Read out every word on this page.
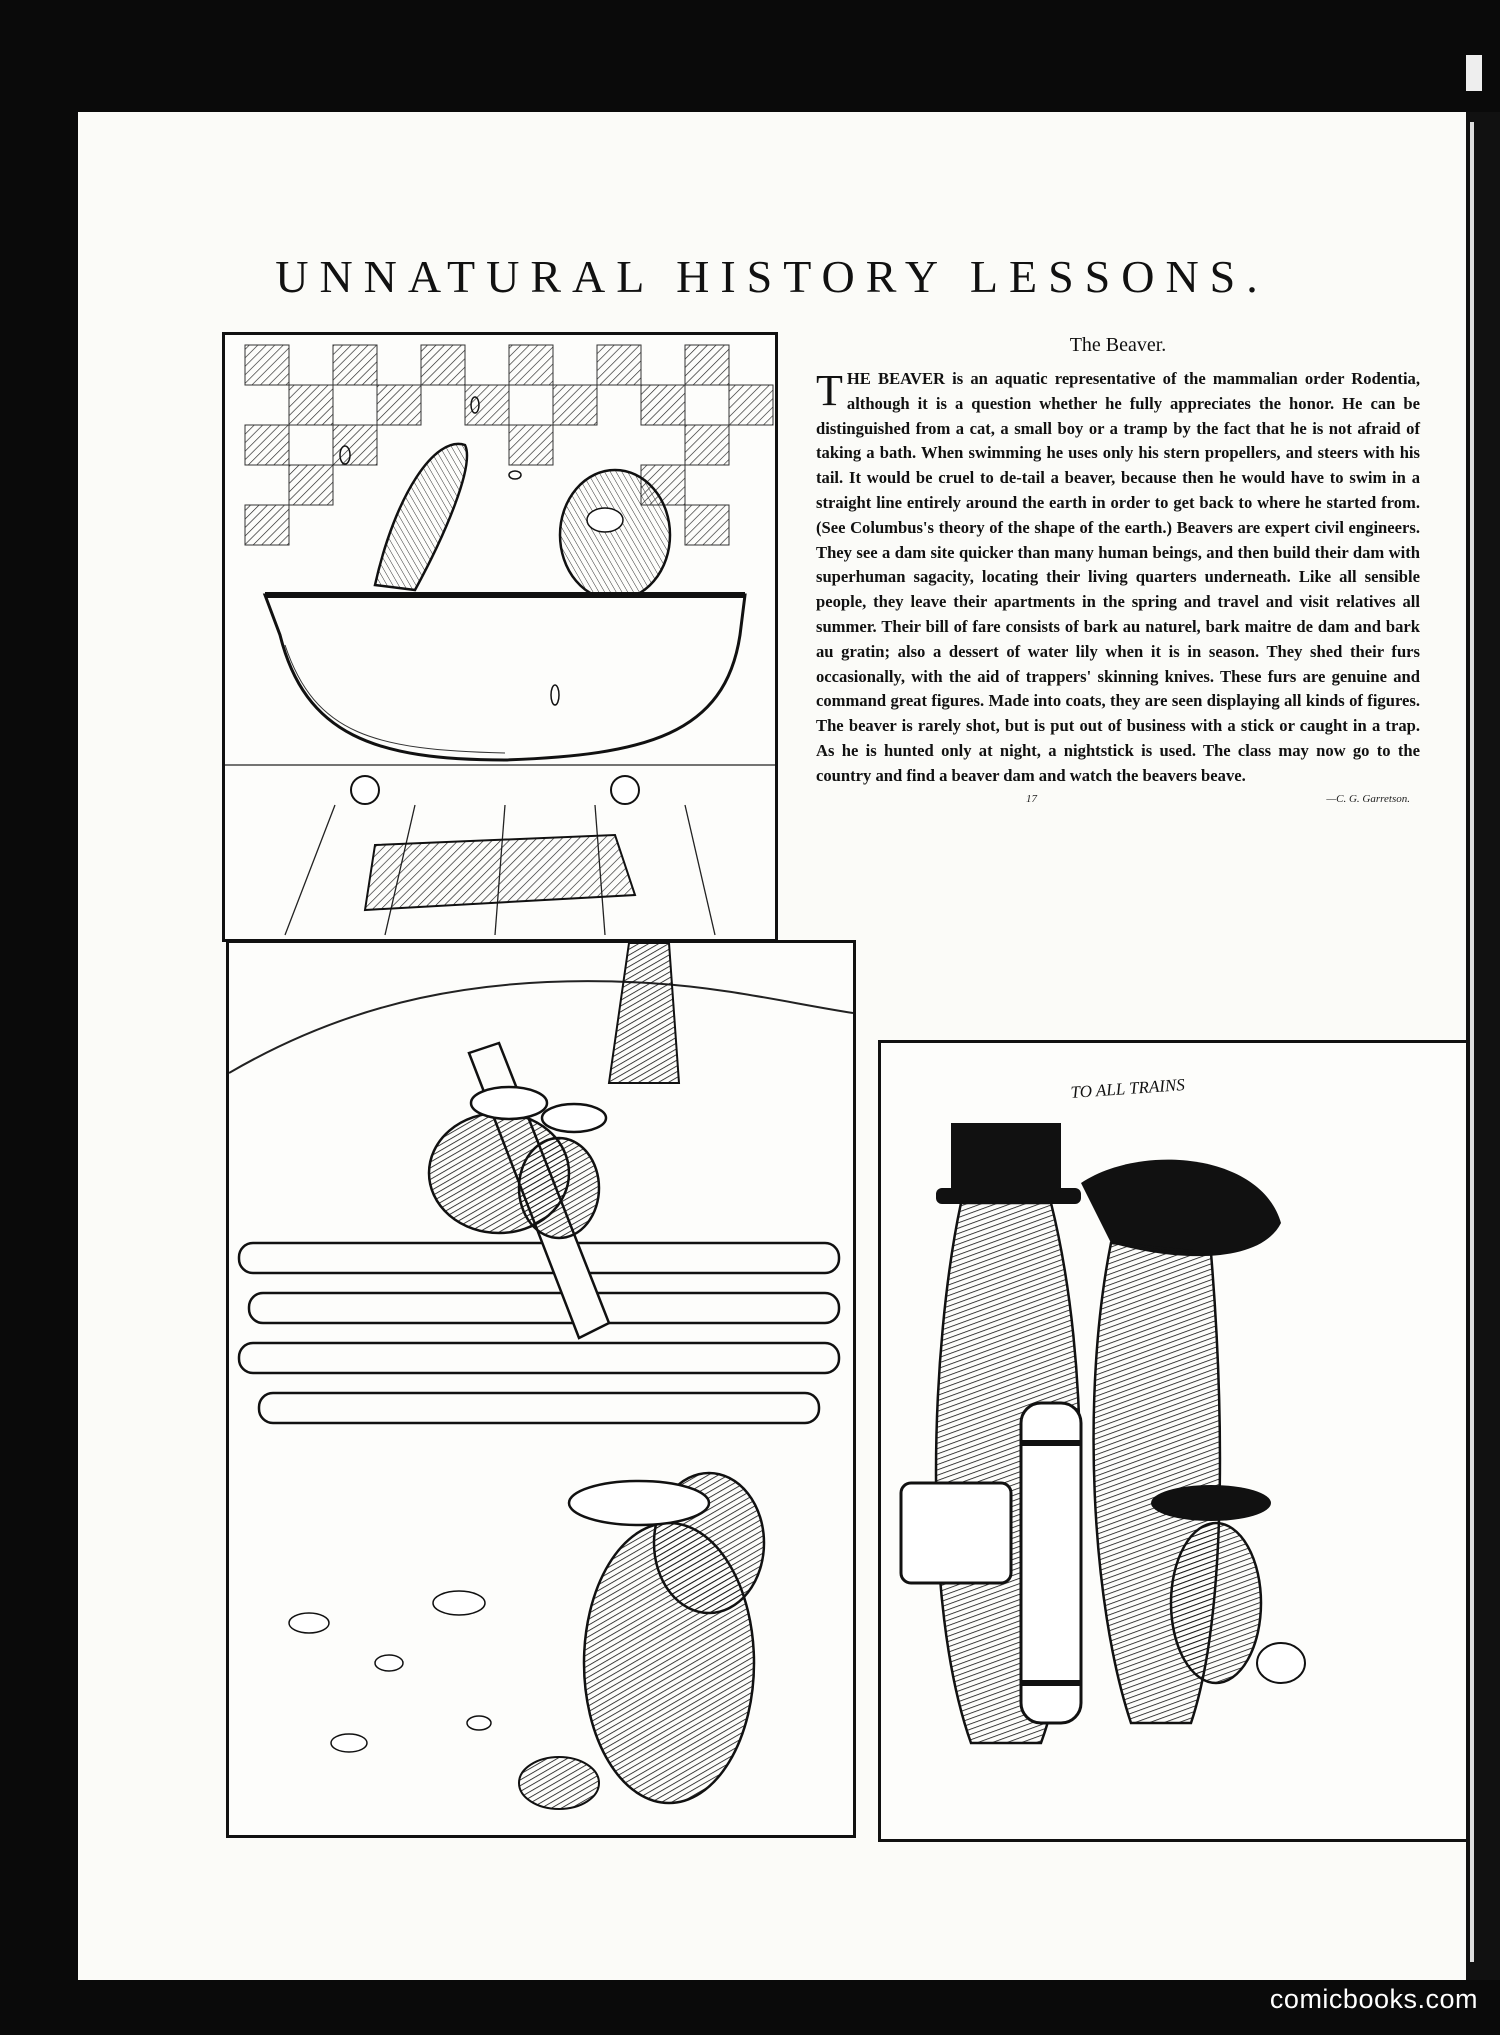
UNNATURAL HISTORY LESSONS.
The Beaver.

THE BEAVER is an aquatic representative of the mammalian order Rodentia, although it is a question whether he fully appreciates the honor. He can be distinguished from a cat, a small boy or a tramp by the fact that he is not afraid of taking a bath. When swimming he uses only his stern propellers, and steers with his tail. It would be cruel to de-tail a beaver, because then he would have to swim in a straight line entirely around the earth in order to get back to where he started from. (See Columbus's theory of the shape of the earth.) Beavers are expert civil engineers. They see a dam site quicker than many human beings, and then build their dam with superhuman sagacity, locating their living quarters underneath. Like all sensible people, they leave their apartments in the spring and travel and visit relatives all summer. Their bill of fare consists of bark au naturel, bark maitre de dam and bark au gratin; also a dessert of water lily when it is in season. They shed their furs occasionally, with the aid of trappers' skinning knives. These furs are genuine and command great figures. Made into coats, they are seen displaying all kinds of figures. The beaver is rarely shot, but is put out of business with a stick or caught in a trap. As he is hunted only at night, a nightstick is used. The class may now go to the country and find a beaver dam and watch the beavers beave.

17	—C. G. Garretson.
TO ALL TRAINS
comicbooks.com
